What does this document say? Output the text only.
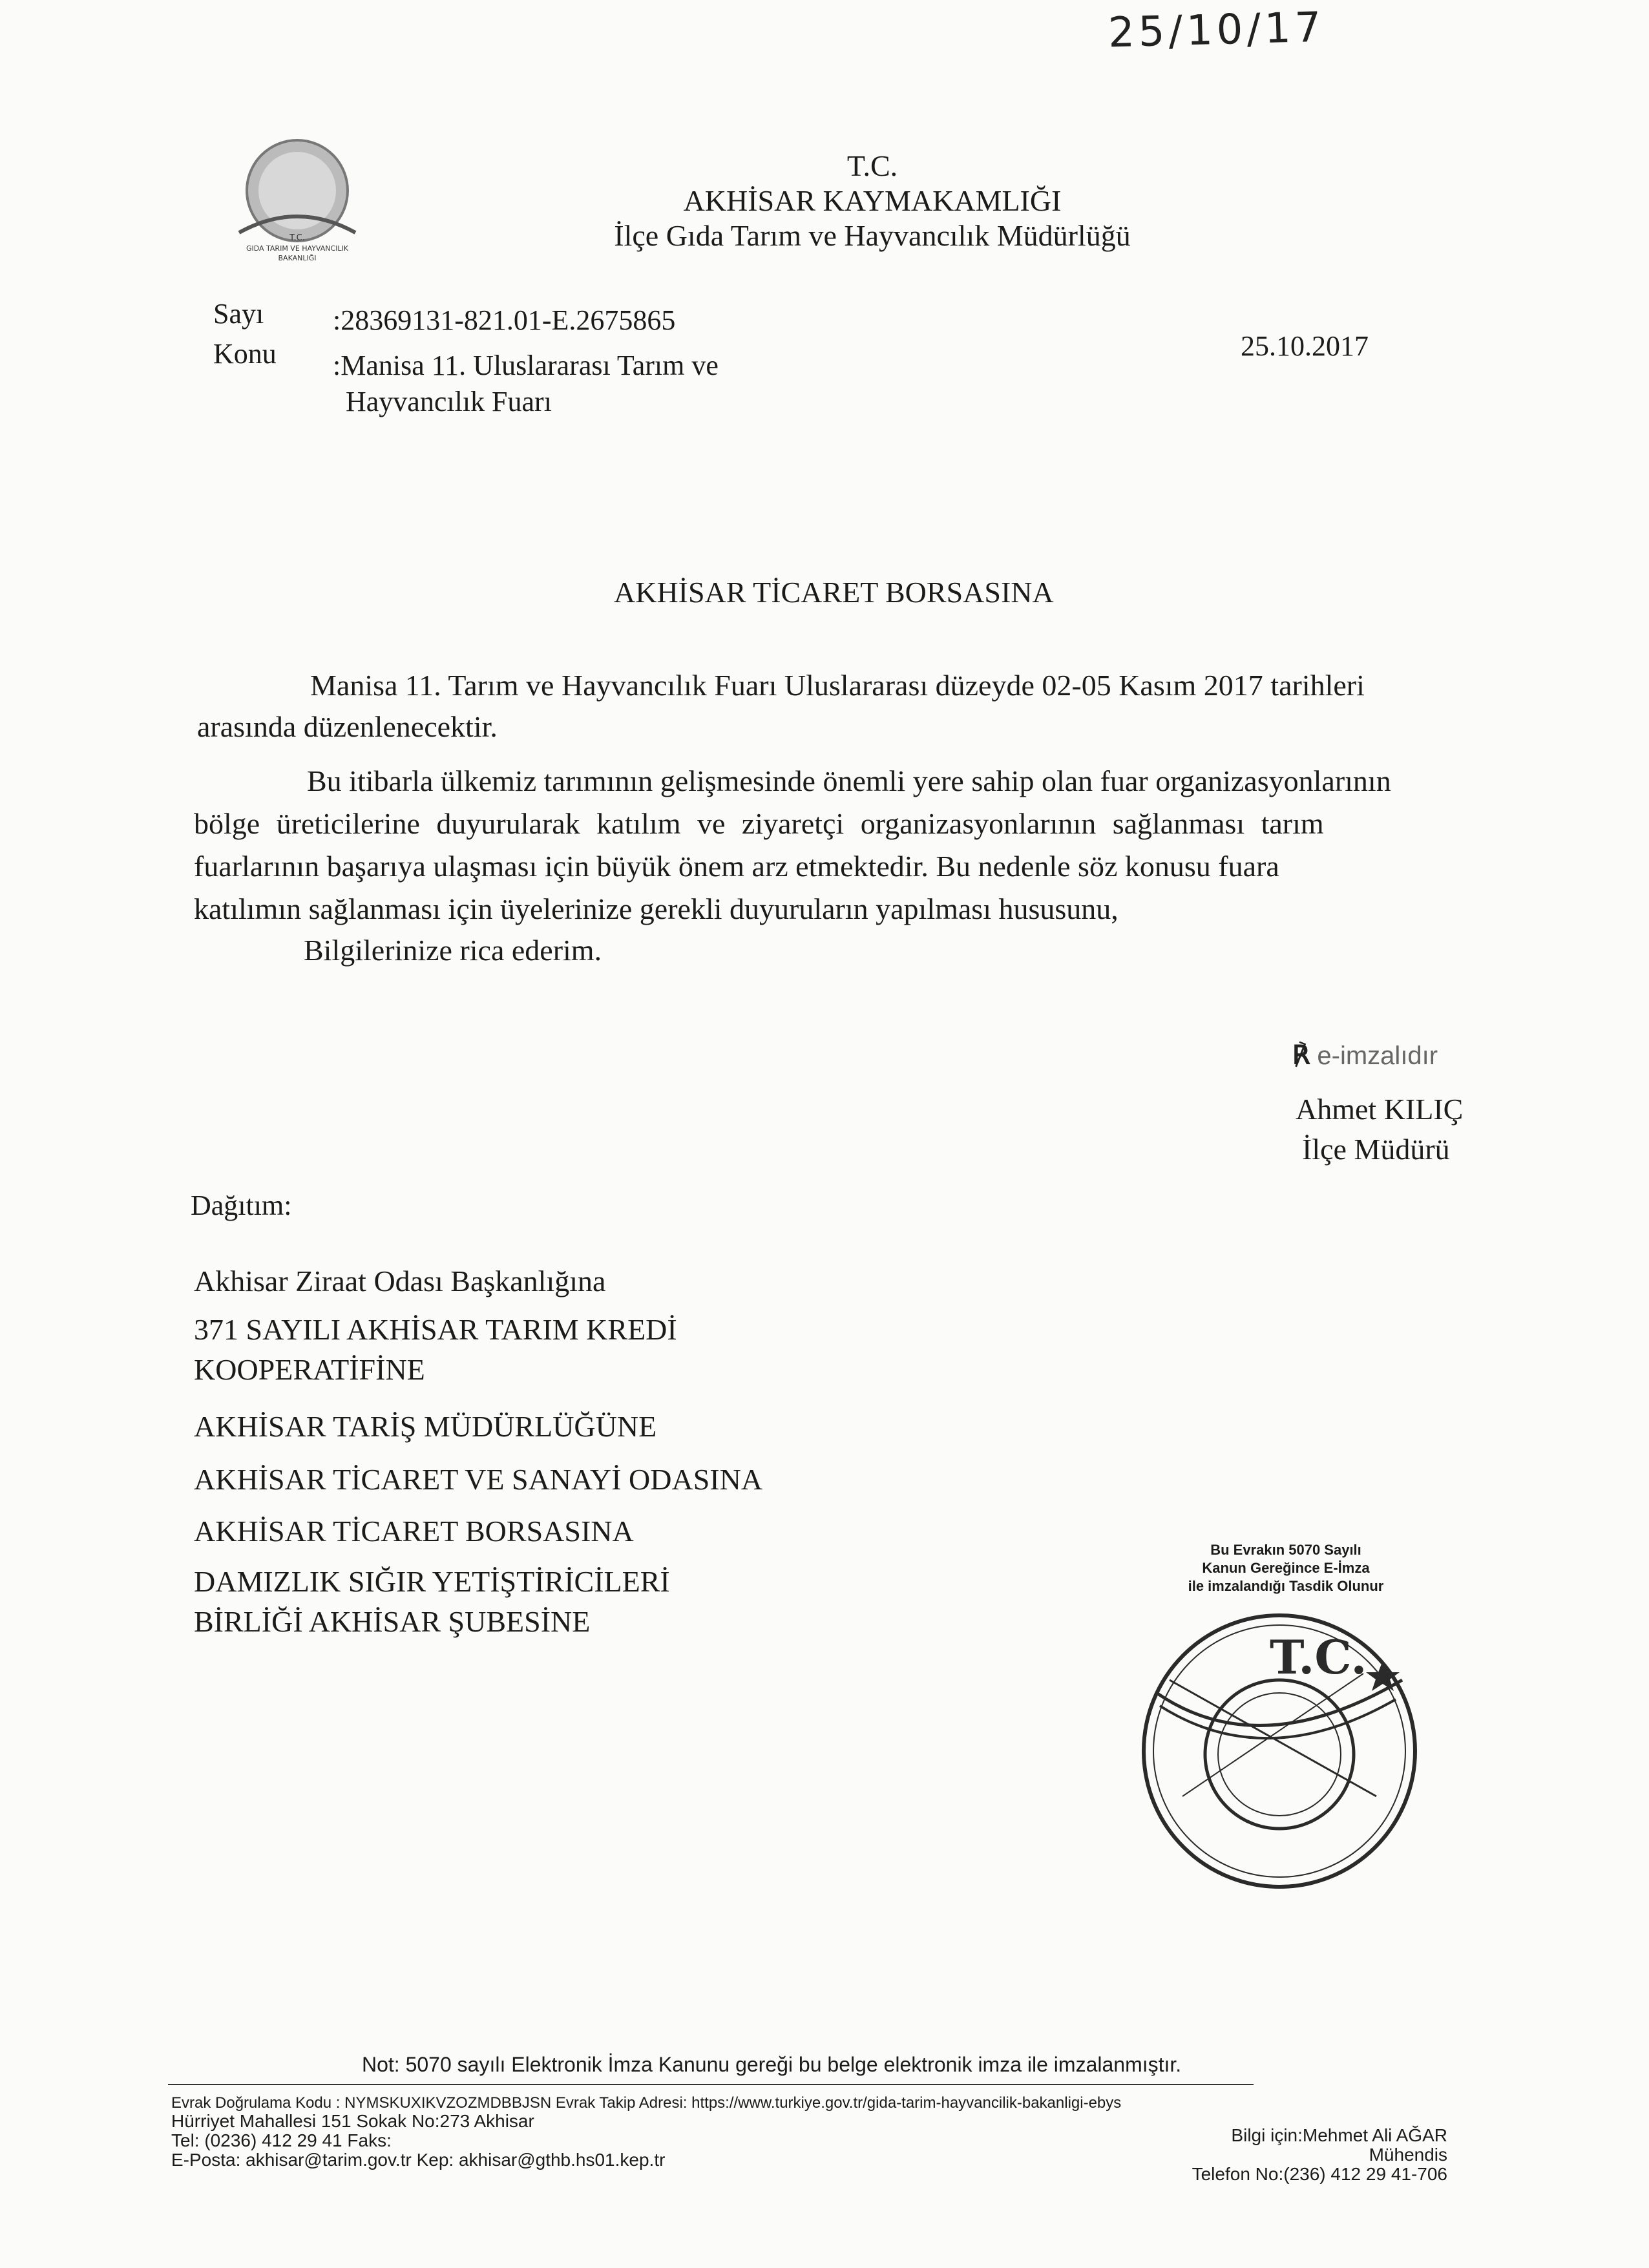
25/10/17
T.C.
GIDA TARIM VE HAYVANCILIK
BAKANLIĞI
T.C.
AKHİSAR KAYMAKAMLIĞI
İlçe Gıda Tarım ve Hayvancılık Müdürlüğü
Sayı :28369131-821.01-E.2675865
Konu :Manisa 11. Uluslararası Tarım ve
Hayvancılık Fuarı
25.10.2017
AKHİSAR TİCARET BORSASINA
Manisa 11. Tarım ve Hayvancılık Fuarı Uluslararası düzeyde 02-05 Kasım 2017 tarihleri
arasında düzenlenecektir.
Bu itibarla ülkemiz tarımının gelişmesinde önemli yere sahip olan fuar organizasyonlarının
bölge üreticilerine duyurularak katılım ve ziyaretçi organizasyonlarının sağlanması tarım
fuarlarının başarıya ulaşması için büyük önem arz etmektedir. Bu nedenle söz konusu fuara
katılımın sağlanması için üyelerinize gerekli duyuruların yapılması hususunu,
Bilgilerinize rica ederim.
℟ e-imzalıdır
Ahmet KILIÇ
İlçe Müdürü
Dağıtım:
Akhisar Ziraat Odası Başkanlığına
371 SAYILI AKHİSAR TARIM KREDİ
KOOPERATİFİNE
AKHİSAR TARİŞ MÜDÜRLÜĞÜNE
AKHİSAR TİCARET VE SANAYİ ODASINA
AKHİSAR TİCARET BORSASINA
DAMIZLIK SIĞIR YETİŞTİRİCİLERİ
BİRLİĞİ AKHİSAR ŞUBESİNE
Bu Evrakın 5070 Sayılı
Kanun Gereğince E-İmza
ile imzalandığı Tasdik Olunur
T.C.
Not: 5070 sayılı Elektronik İmza Kanunu gereği bu belge elektronik imza ile imzalanmıştır.
Evrak Doğrulama Kodu : NYMSKUXIKVZOZMDBBJSN Evrak Takip Adresi: https://www.turkiye.gov.tr/gida-tarim-hayvancilik-bakanligi-ebys
Hürriyet Mahallesi 151 Sokak No:273 Akhisar
Tel: (0236) 412 29 41 Faks:
E-Posta: akhisar@tarim.gov.tr Kep: akhisar@gthb.hs01.kep.tr
Bilgi için:Mehmet Ali AĞAR
Mühendis
Telefon No:(236) 412 29 41-706
